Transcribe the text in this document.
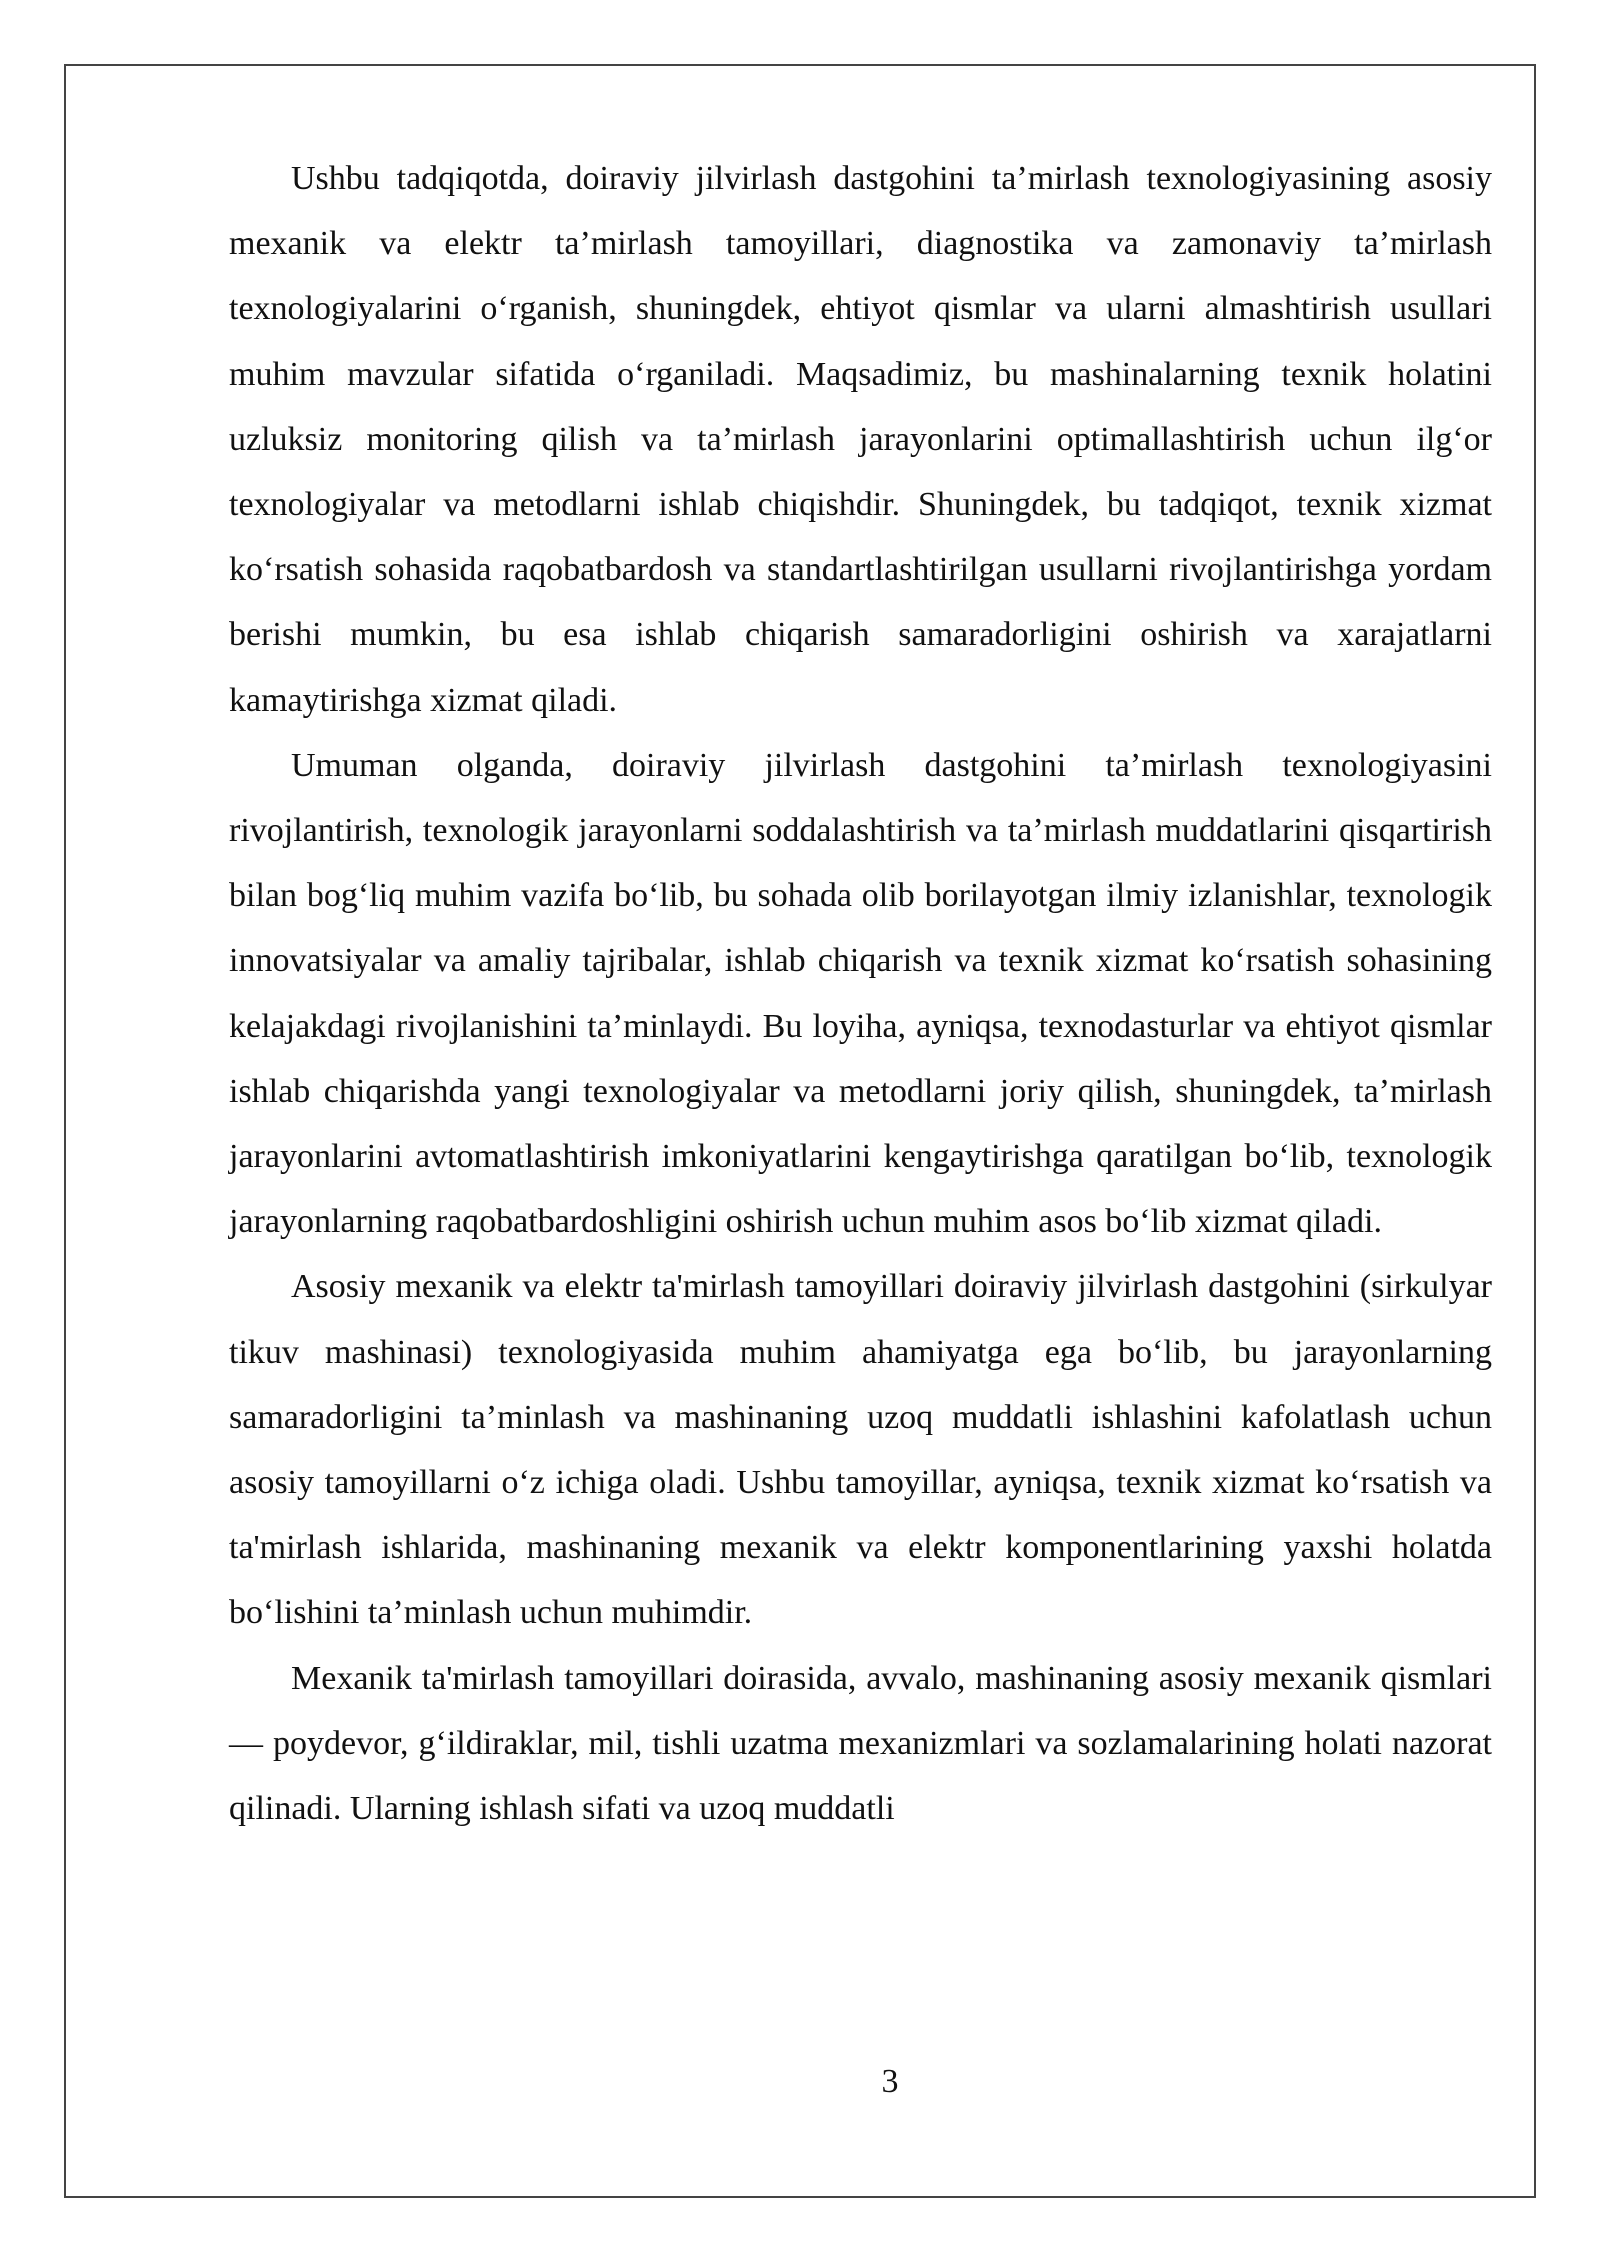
Ushbu tadqiqotda, doiraviy jilvirlash dastgohini ta’mirlash texnologiyasining asosiy mexanik va elektr ta’mirlash tamoyillari, diagnostika va zamonaviy ta’mirlash texnologiyalarini o‘rganish, shuningdek, ehtiyot qismlar va ularni almashtirish usullari muhim mavzular sifatida o‘rganiladi. Maqsadimiz, bu mashinalarning texnik holatini uzluksiz monitoring qilish va ta’mirlash jarayonlarini optimallashtirish uchun ilg‘or texnologiyalar va metodlarni ishlab chiqishdir. Shuningdek, bu tadqiqot, texnik xizmat ko‘rsatish sohasida raqobatbardosh va standartlashtirilgan usullarni rivojlantirishga yordam berishi mumkin, bu esa ishlab chiqarish samaradorligini oshirish va xarajatlarni kamaytirishga xizmat qiladi.

Umuman olganda, doiraviy jilvirlash dastgohini ta’mirlash texnologiyasini rivojlantirish, texnologik jarayonlarni soddalashtirish va ta’mirlash muddatlarini qisqartirish bilan bog‘liq muhim vazifa bo‘lib, bu sohada olib borilayotgan ilmiy izlanishlar, texnologik innovatsiyalar va amaliy tajribalar, ishlab chiqarish va texnik xizmat ko‘rsatish sohasining kelajakdagi rivojlanishini ta’minlaydi. Bu loyiha, ayniqsa, texnodasturlar va ehtiyot qismlar ishlab chiqarishda yangi texnologiyalar va metodlarni joriy qilish, shuningdek, ta’mirlash jarayonlarini avtomatlashtirish imkoniyatlarini kengaytirishga qaratilgan bo‘lib, texnologik jarayonlarning raqobatbardoshligini oshirish uchun muhim asos bo‘lib xizmat qiladi.

Asosiy mexanik va elektr ta'mirlash tamoyillari doiraviy jilvirlash dastgohini (sirkulyar tikuv mashinasi) texnologiyasida muhim ahamiyatga ega bo‘lib, bu jarayonlarning samaradorligini ta’minlash va mashinaning uzoq muddatli ishlashini kafolatlash uchun asosiy tamoyillarni o‘z ichiga oladi. Ushbu tamoyillar, ayniqsa, texnik xizmat ko‘rsatish va ta'mirlash ishlarida, mashinaning mexanik va elektr komponentlarining yaxshi holatda bo‘lishini ta’minlash uchun muhimdir.

Mexanik ta'mirlash tamoyillari doirasida, avvalo, mashinaning asosiy mexanik qismlari — poydevor, g‘ildiraklar, mil, tishli uzatma mexanizmlari va sozlamalarining holati nazorat qilinadi. Ularning ishlash sifati va uzoq muddatli

3
